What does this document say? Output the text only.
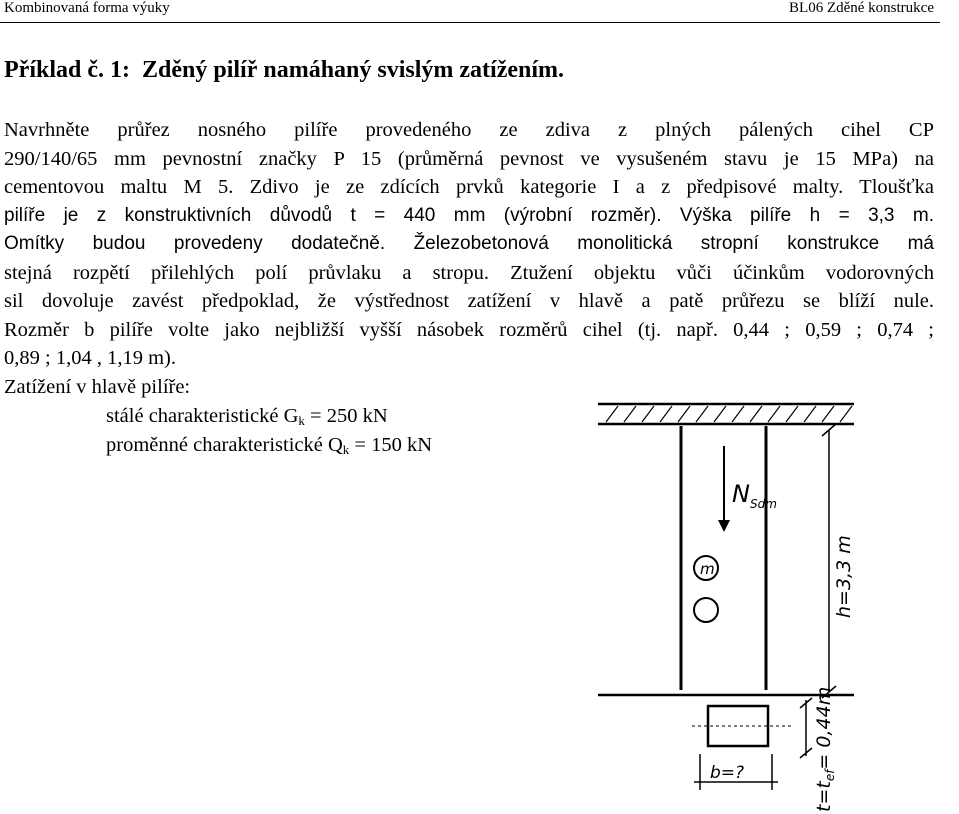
Kombinovaná forma výuky	BL06 Zděné konstrukce
Příklad č. 1: Zděný pilíř namáhaný svislým zatížením.
Navrhněte průřez nosného pilíře provedeného ze zdiva z plných pálených cihel CP
290/140/65 mm pevnostní značky P 15 (průměrná pevnost ve vysušeném stavu je 15 MPa) na
cementovou maltu M 5. Zdivo je ze zdících prvků kategorie I a z předpisové malty. Tloušťka
pilíře je z konstruktivních důvodů t = 440 mm (výrobní rozměr). Výška pilíře h = 3,3 m.
Omítky budou provedeny dodatečně. Železobetonová monolitická stropní konstrukce má
stejná rozpětí přilehlých polí průvlaku a stropu. Ztužení objektu vůči účinkům vodorovných
sil dovoluje zavést předpoklad, že výstřednost zatížení v hlavě a patě průřezu se blíží nule.
Rozměr b pilíře volte jako nejbližší vyšší násobek rozměrů cihel (tj. např. 0,44 ; 0,59 ; 0,74 ;
0,89 ; 1,04 , 1,19 m).
Zatížení v hlavě pilíře:
stálé charakteristické $G_k = 250$ kN
proměnné charakteristické $Q_k = 150$ kN
N Sdm
m	h=3,3 m
$t=t_{ef}= 0,44m$
b=?
